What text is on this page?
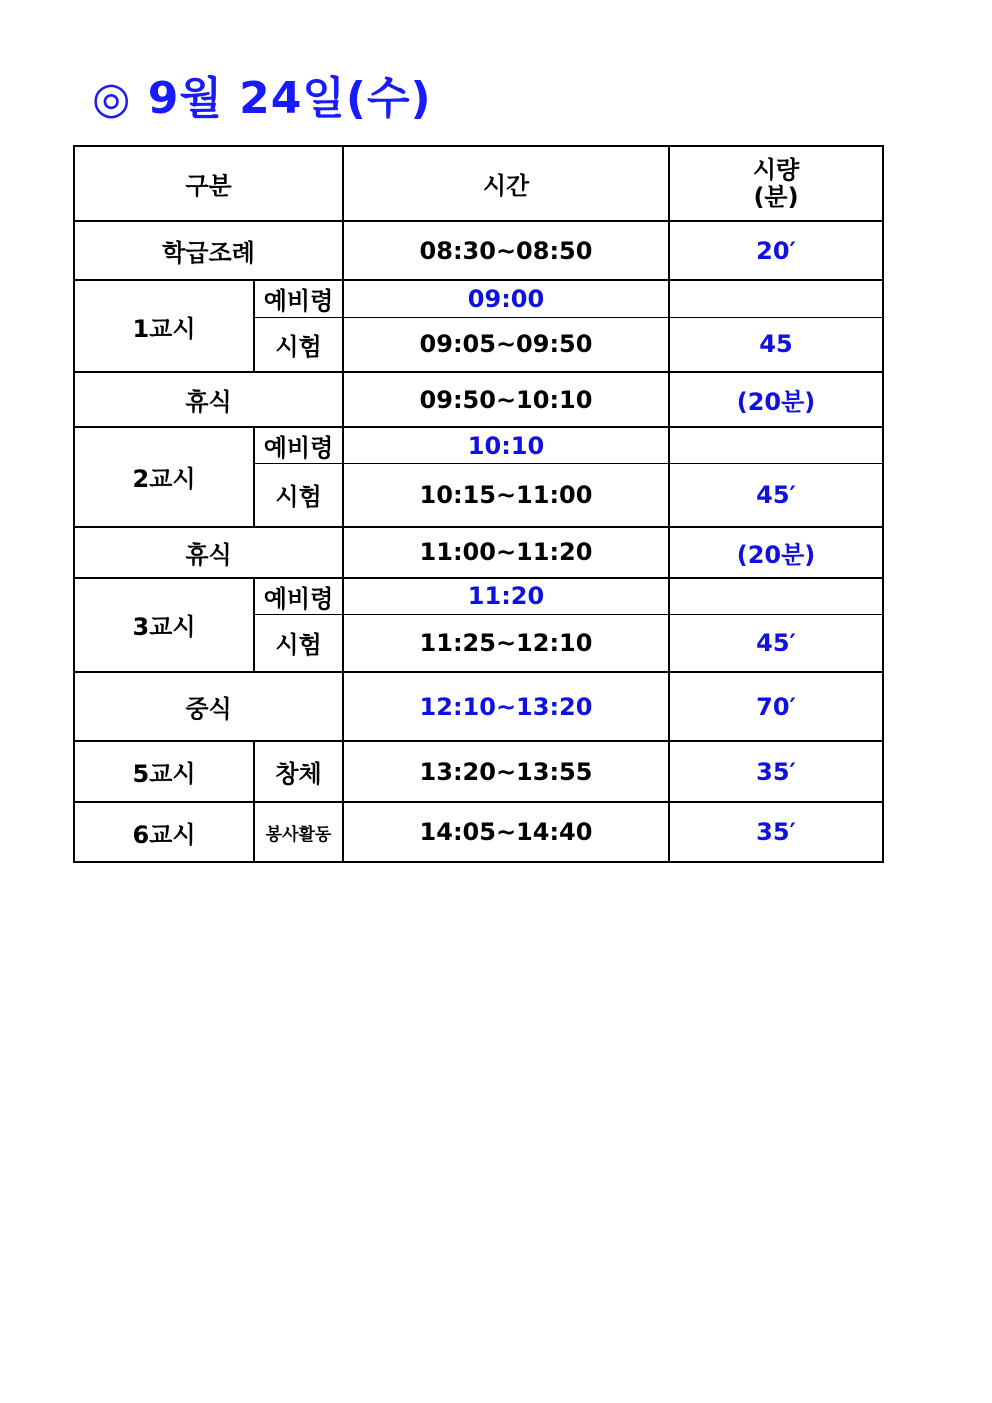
◎ 9월 24일(수)
구분		시간	시량
(분)

학급조례		08:30~08:50	20′
1교시	예비령	09:00	
	시험	09:05~09:50	45
휴식		09:50~10:10	(20분)
2교시	예비령	10:10	
	시험	10:15~11:00	45′
휴식		11:00~11:20	(20분)
3교시	예비령	11:20	
	시험	11:25~12:10	45′
중식		12:10~13:20	70′
5교시	창체	13:20~13:55	35′
6교시	봉사활동	14:05~14:40	35′
